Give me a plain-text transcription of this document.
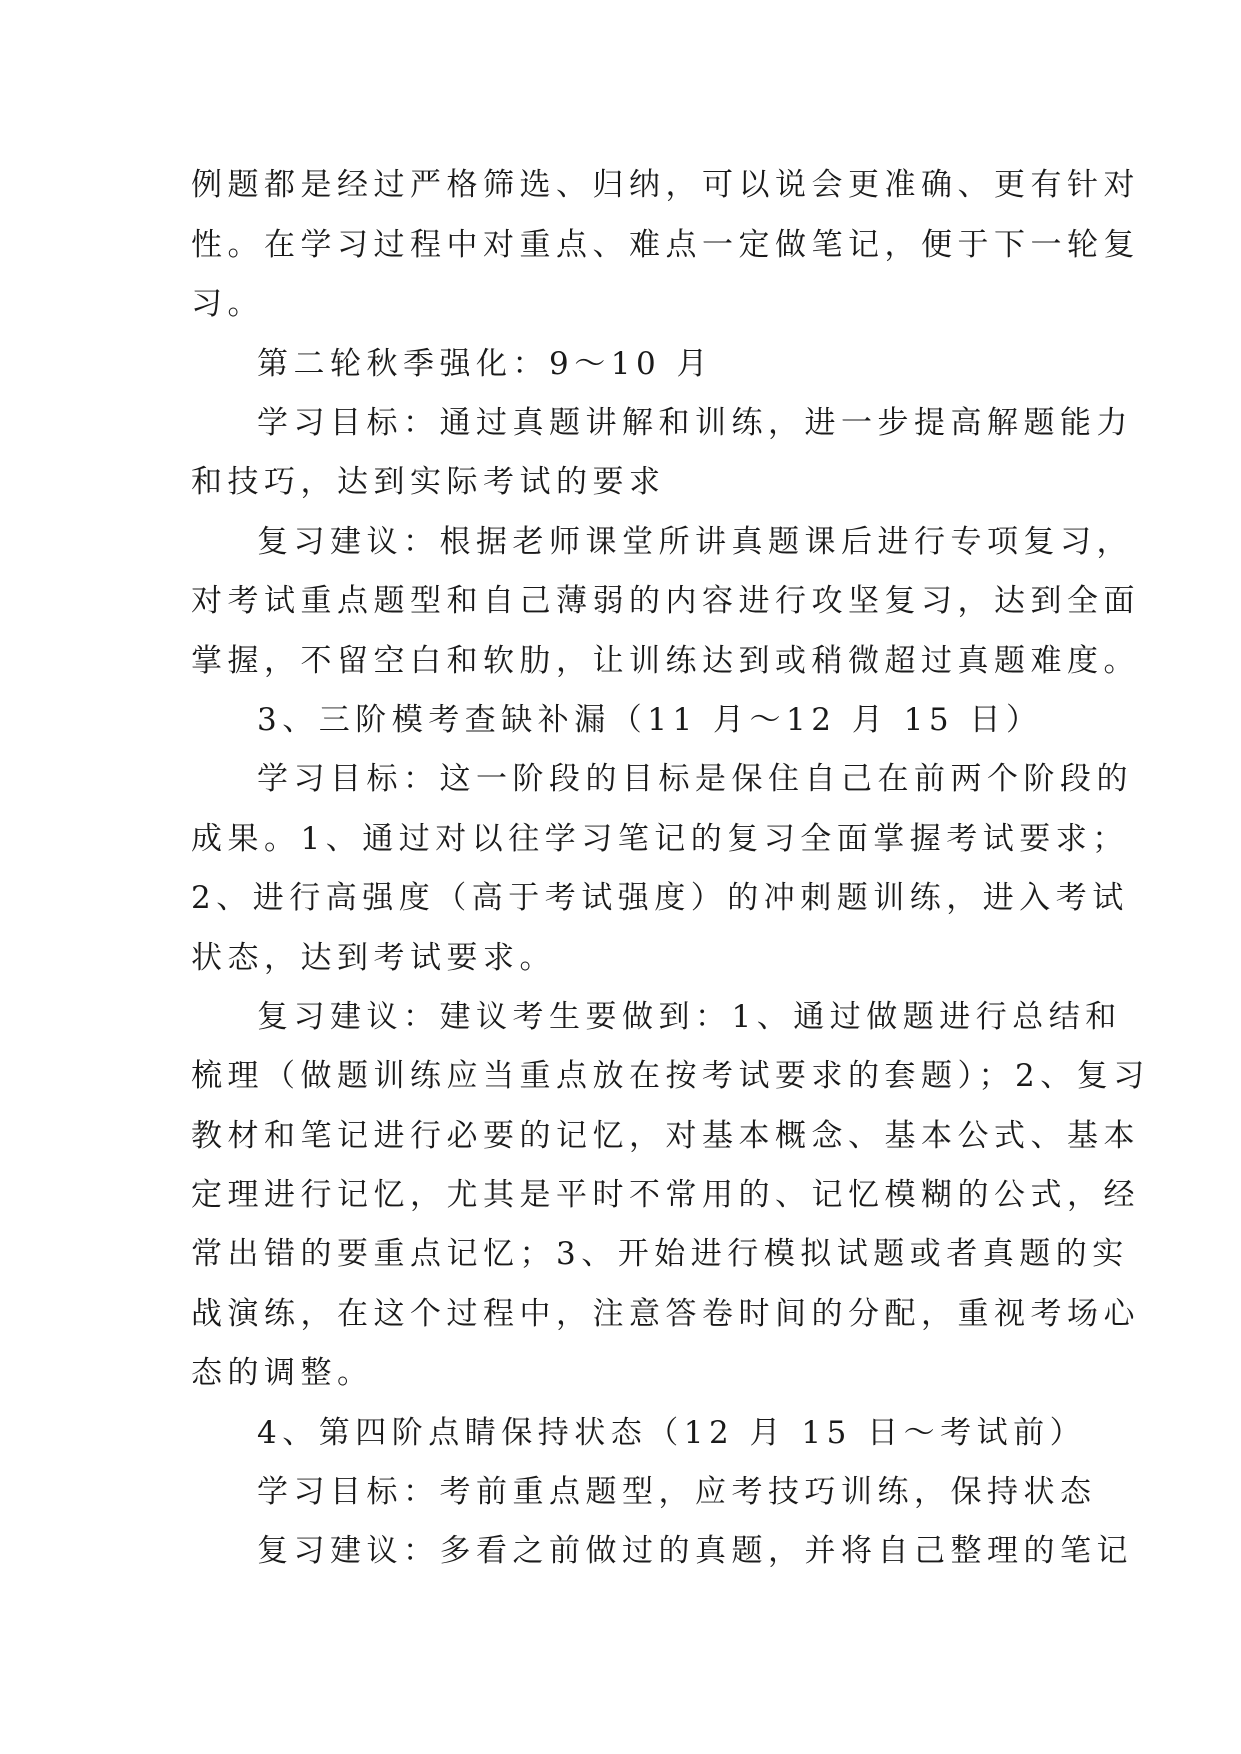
例题都是经过严格筛选、归纳，可以说会更准确、更有针对
性。在学习过程中对重点、难点一定做笔记，便于下一轮复
习。
第二轮秋季强化：9～10 月
学习目标：通过真题讲解和训练，进一步提高解题能力
和技巧，达到实际考试的要求
复习建议：根据老师课堂所讲真题课后进行专项复习，
对考试重点题型和自己薄弱的内容进行攻坚复习，达到全面
掌握，不留空白和软肋，让训练达到或稍微超过真题难度。
3、三阶模考查缺补漏（11 月～12 月 15 日）
学习目标：这一阶段的目标是保住自己在前两个阶段的
成果。1、通过对以往学习笔记的复习全面掌握考试要求；
2、进行高强度（高于考试强度）的冲刺题训练，进入考试
状态，达到考试要求。
复习建议：建议考生要做到：1、通过做题进行总结和
梳理（做题训练应当重点放在按考试要求的套题）；2、复习
教材和笔记进行必要的记忆，对基本概念、基本公式、基本
定理进行记忆，尤其是平时不常用的、记忆模糊的公式，经
常出错的要重点记忆；3、开始进行模拟试题或者真题的实
战演练，在这个过程中，注意答卷时间的分配，重视考场心
态的调整。
4、第四阶点睛保持状态（12 月 15 日～考试前）
学习目标：考前重点题型，应考技巧训练，保持状态
复习建议：多看之前做过的真题，并将自己整理的笔记
